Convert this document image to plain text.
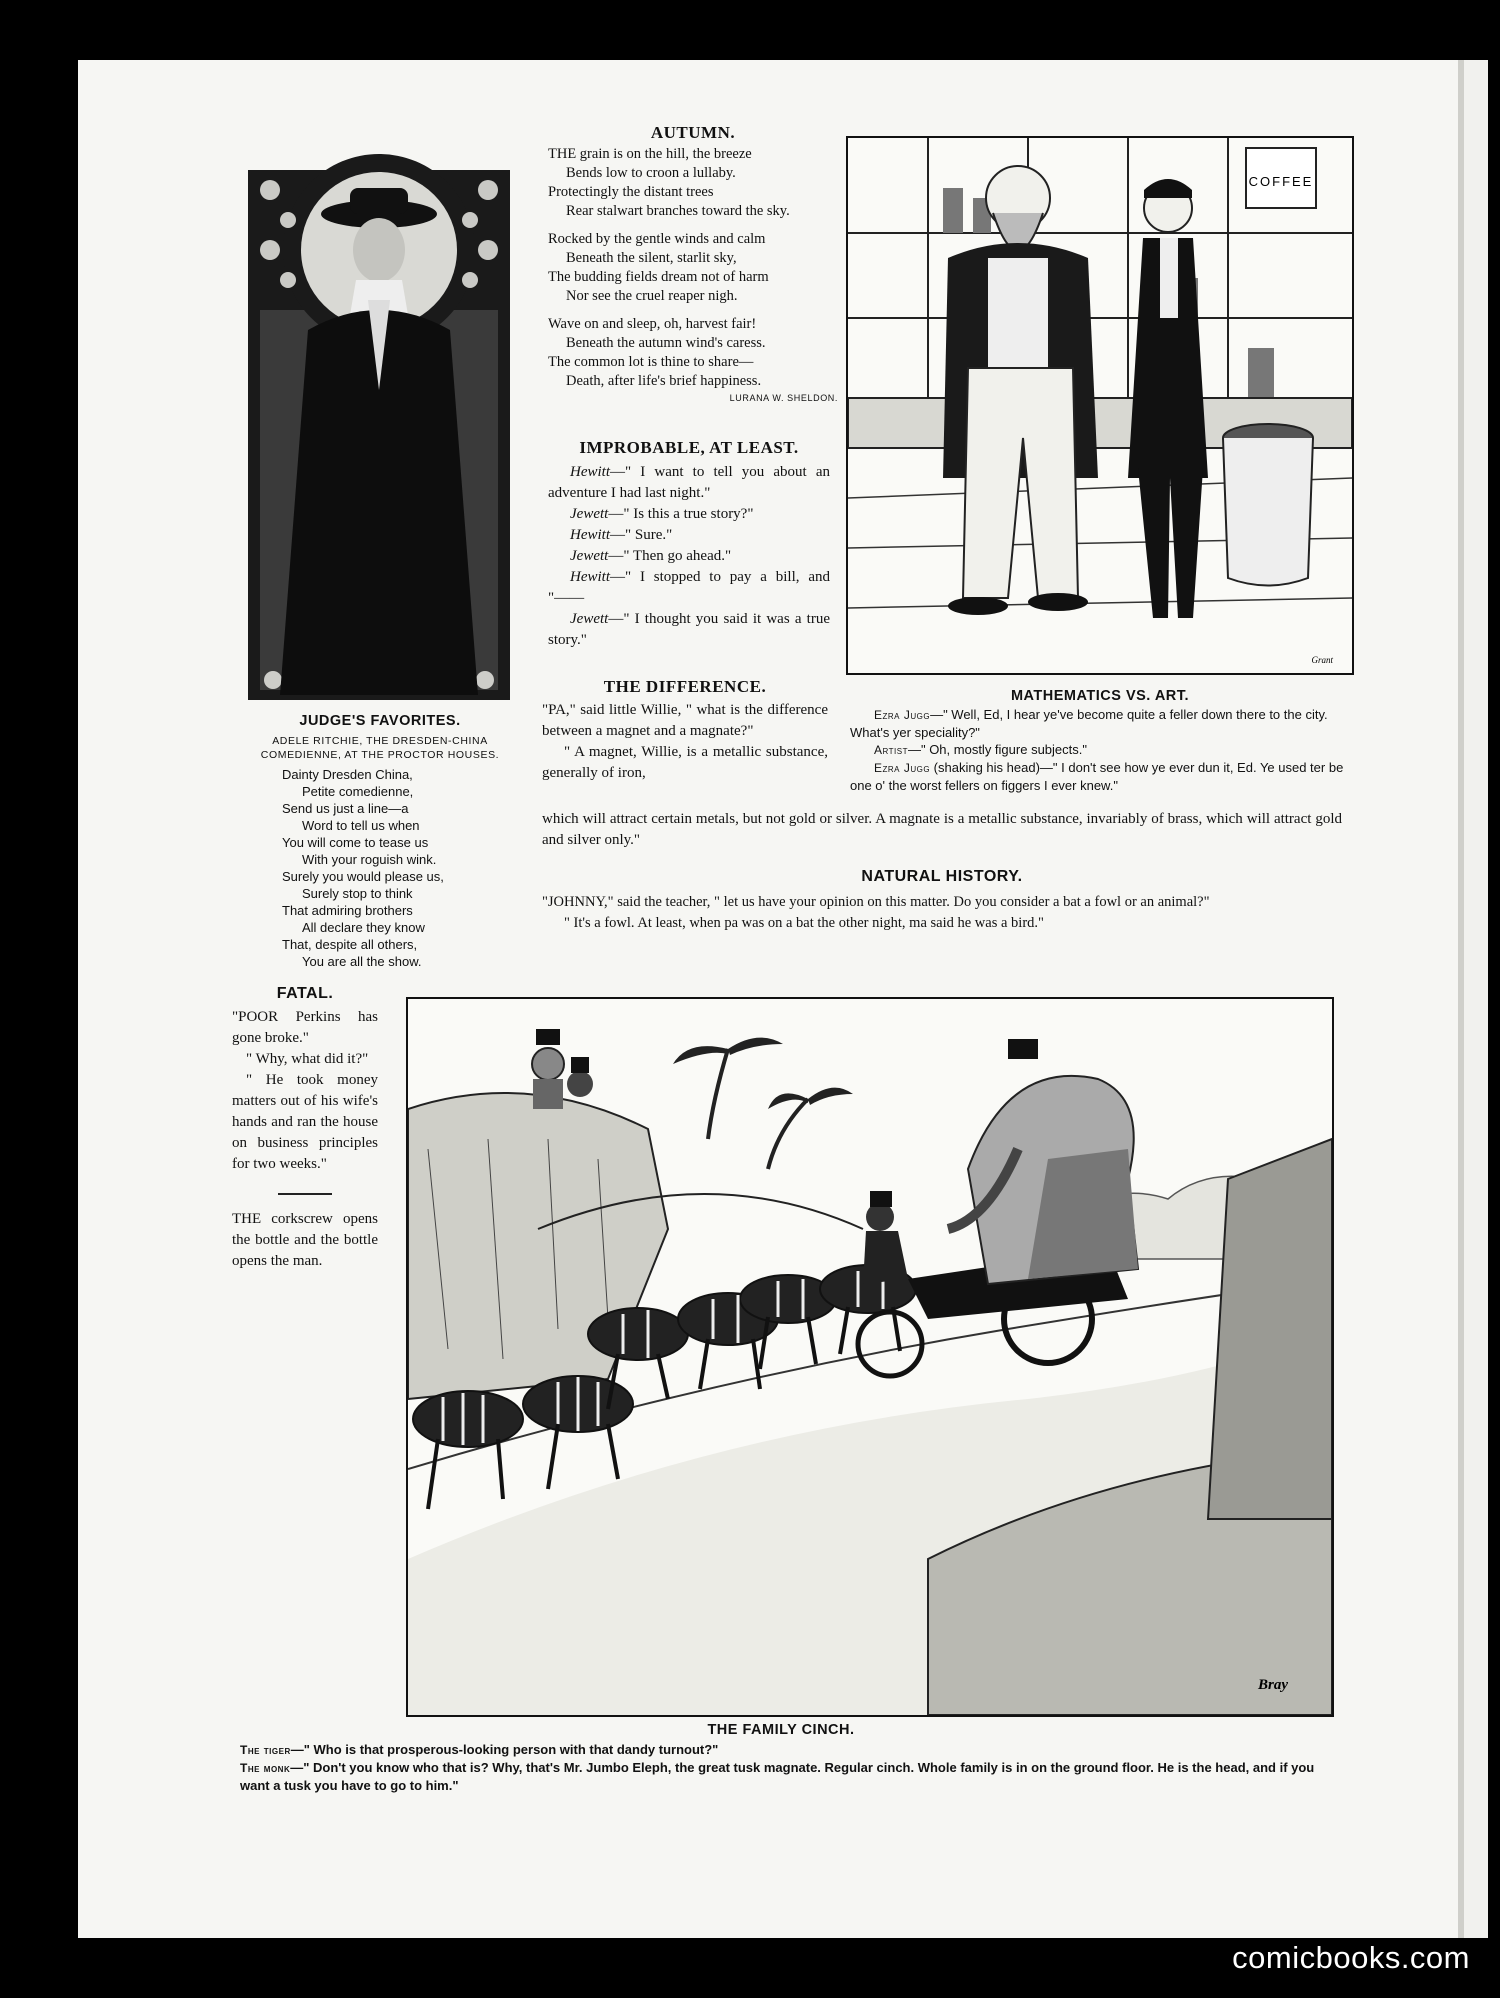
JUDGE'S FAVORITES.
ADELE RITCHIE, THE DRESDEN-CHINA COMEDIENNE, AT THE PROCTOR HOUSES.
Dainty Dresden China,
Petite comedienne,
Send us just a line—a
Word to tell us when
You will come to tease us
With your roguish wink.
Surely you would please us,
Surely stop to think
That admiring brothers
All declare they know
That, despite all others,
You are all the show.
AUTUMN.
THE grain is on the hill, the breeze
Bends low to croon a lullaby.
Protectingly the distant trees
Rear stalwart branches toward the sky.
Rocked by the gentle winds and calm
Beneath the silent, starlit sky,
The budding fields dream not of harm
Nor see the cruel reaper nigh.
Wave on and sleep, oh, harvest fair!
Beneath the autumn wind's caress.
The common lot is thine to share—
Death, after life's brief happiness.
LURANA W. SHELDON.
IMPROBABLE, AT LEAST.

Hewitt—" I want to tell you about an adventure I had last night."

Jewett—" Is this a true story?"

Hewitt—" Sure."

Jewett—" Then go ahead."

Hewitt—" I stopped to pay a bill, and "——

Jewett—" I thought you said it was a true story."

COFFEE
Grant
THE DIFFERENCE.

"PA," said little Willie, " what is the difference between a magnet and a magnate?"

" A magnet, Willie, is a metallic substance, generally of iron,

which will attract certain metals, but not gold or silver. A magnate is a metallic substance, invariably of brass, which will attract gold and silver only."
MATHEMATICS VS. ART.
Ezra Jugg—" Well, Ed, I hear ye've become quite a feller down there to the city. What's yer speciality?"
Artist—" Oh, mostly figure subjects."
Ezra Jugg (shaking his head)—" I don't see how ye ever dun it, Ed. Ye used ter be one o' the worst fellers on figgers I ever knew."
NATURAL HISTORY.

"JOHNNY," said the teacher, " let us have your opinion on this matter. Do you consider a bat a fowl or an animal?"

" It's a fowl. At least, when pa was on a bat the other night, ma said he was a bird."

FATAL.

"POOR Perkins has gone broke."

" Why, what did it?"

" He took money matters out of his wife's hands and ran the house on business principles for two weeks."

THE corkscrew opens the bottle and the bottle opens the man.
Bray
THE FAMILY CINCH.
The tiger—" Who is that prosperous-looking person with that dandy turnout?"
The monk—" Don't you know who that is? Why, that's Mr. Jumbo Eleph, the great tusk magnate. Regular cinch. Whole family is in on the ground floor. He is the head, and if you want a tusk you have to go to him."
comicbooks.com
